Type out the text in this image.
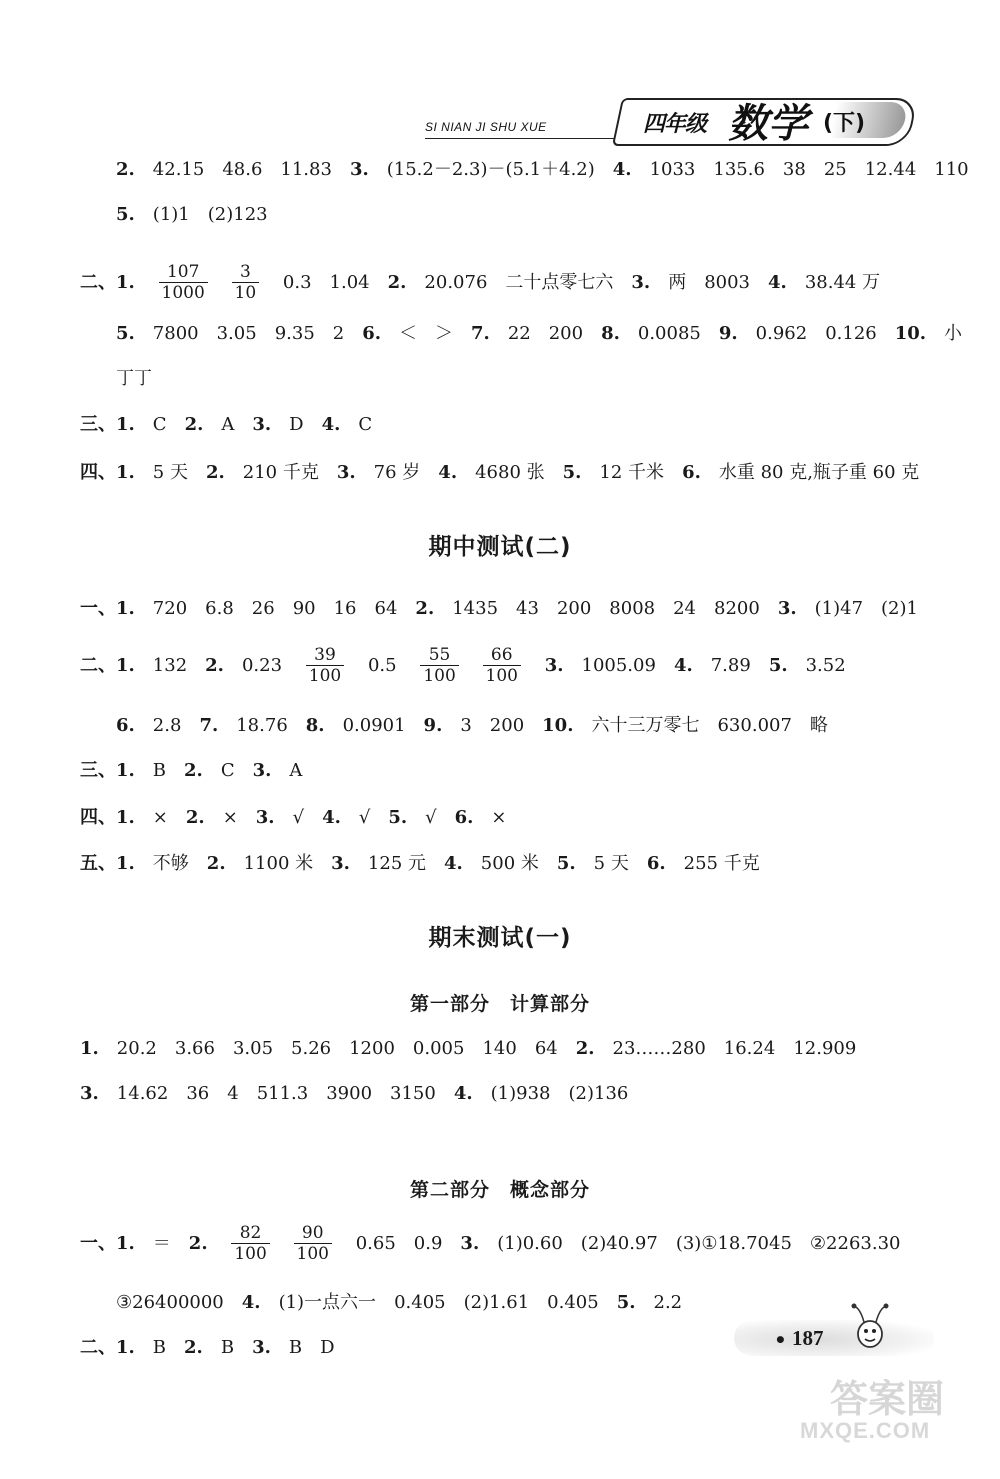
SI NIAN JI SHU XUE	四年级 数学 (下)
2. 42.15 48.6 11.83 3. (15.2－2.3)－(5.1＋4.2) 4. 1033 135.6 38 25 12.44 110
5. (1)1 (2)123
二、1. $\frac{107}{1000}$
$\frac{3}{10} 0.3$ 1.04 2. 20.076 二十点零七六 3. 两 8003 4. 38.44 万
5. 7800 3.05 9.35 2 6. ＜ ＞ 7. 22 200 8. 0.0085 9. 0.962 0.126 10. 小
丁丁
三、1. C 2. A 3. D 4. C
四、1. 5 天 2. 210 千克 3. 76 岁 4. 4680 张 5. 12 千米 6. 水重 80 克,瓶子重 60 克
期中测试(二)
一、1. 720 6.8 26 90 16 64 2. 1435 43 200 8008 24 8200 3. (1)47 (2)1
二、1. 132 2. $0.23 \frac{39}{100} 0.5 \frac{55}{100}$
$\frac{66}{100} 3$. 1005.09 4. 7.89 5. 3.52
6. 2.8 7. 18.76 8. 0.0901 9. 3 200 10. 六十三万零七 630.007 略
三、1. B 2. C 3. A
四、1. × 2. × 3. √ 4. √ 5. √ 6. ×
五、1. 不够 2. 1100 米 3. 125 元 4. 500 米 5. 5 天 6. 255 千克
期末测试(一)
第一部分　计算部分
1. 20.2 3.66 3.05 5.26 1200 0.005 140 64 2. 23……280 16.24 12.909
3. 14.62 36 4 511.3 3900 3150 4. (1)938 (2)136
第二部分　概念部分
一、1. ＝ 2. $\frac{82}{100}$
$\frac{90}{100} 0.65$ 0.9 3. (1)0.60 (2)40.97 (3)①18.7045 ②2263.30
③26400000 4. (1)一点六一 0.405 (2)1.61 0.405 5. 2.2
二、1. B 2. B 3. B D	• 187
答案圈
MXQE.COM
